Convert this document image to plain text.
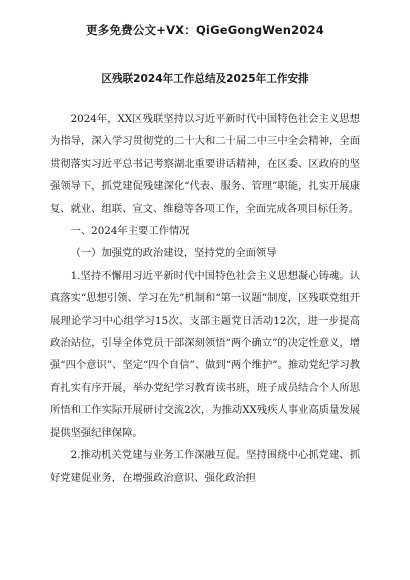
更多免费公文+VX：QiGeGongWen2024
区残联2024年工作总结及2025年工作安排

2024年，XX区残联坚持以习近平新时代中国特色社会主义思想为指导，深入学习贯彻党的二十大和二十届二中三中全会精神，全面贯彻落实习近平总书记考察湖北重要讲话精神，在区委、区政府的坚强领导下，抓党建促残建深化“代表、服务、管理”职能，扎实开展康复、就业、组联、宣文、维稳等各项工作，全面完成各项目标任务。

一、2024年主要工作情况

（一）加强党的政治建设，坚持党的全面领导

1.坚持不懈用习近平新时代中国特色社会主义思想凝心铸魂。认真落实“思想引领、学习在先”机制和“第一议题”制度，区残联党组开展理论学习中心组学习15次、支部主题党日活动12次，进一步提高政治站位，引导全体党员干部深刻领悟“两个确立”的决定性意义，增强“四个意识”、坚定“四个自信”、做到“两个维护”。推动党纪学习教育扎实有序开展，举办党纪学习教育读书班，班子成员结合个人所思所悟和工作实际开展研讨交流2次，为推动XX残疾人事业高质量发展提供坚强纪律保障。

2.推动机关党建与业务工作深融互促。坚持围绕中心抓党建、抓好党建促业务，在增强政治意识、强化政治担
